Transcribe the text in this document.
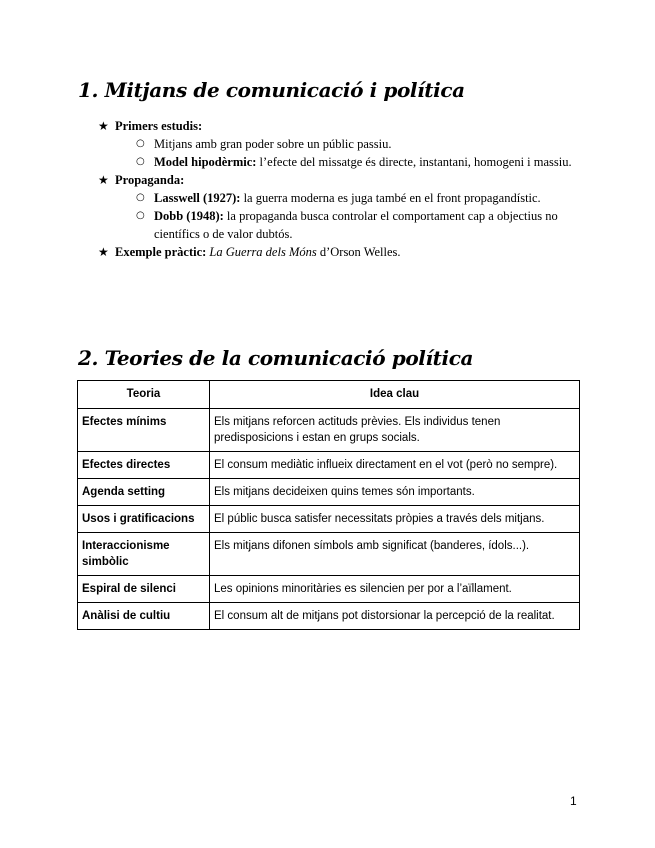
1. Mitjans de comunicació i política
★ Primers estudis:
○ Mitjans amb gran poder sobre un públic passiu.
○ Model hipodèrmic: l’efecte del missatge és directe, instantani, homogeni i massiu.
★ Propaganda:
○ Lasswell (1927): la guerra moderna es juga també en el front propagandístic.
○ Dobb (1948): la propaganda busca controlar el comportament cap a objectius no científics o de valor dubtós.
★ Exemple pràctic: La Guerra dels Móns d’Orson Welles.
2. Teories de la comunicació política
Teoria	Idea clau
Efectes mínims	Els mitjans reforcen actituds prèvies. Els individus tenen predisposicions i estan en grups socials.
Efectes directes	El consum mediàtic influeix directament en el vot (però no sempre).
Agenda setting	Els mitjans decideixen quins temes són importants.
Usos i gratificacions	El públic busca satisfer necessitats pròpies a través dels mitjans.
Interaccionisme simbòlic	Els mitjans difonen símbols amb significat (banderes, ídols...).
Espiral de silenci	Les opinions minoritàries es silencien per por a l’aïllament.
Anàlisi de cultiu	El consum alt de mitjans pot distorsionar la percepció de la realitat.
1
